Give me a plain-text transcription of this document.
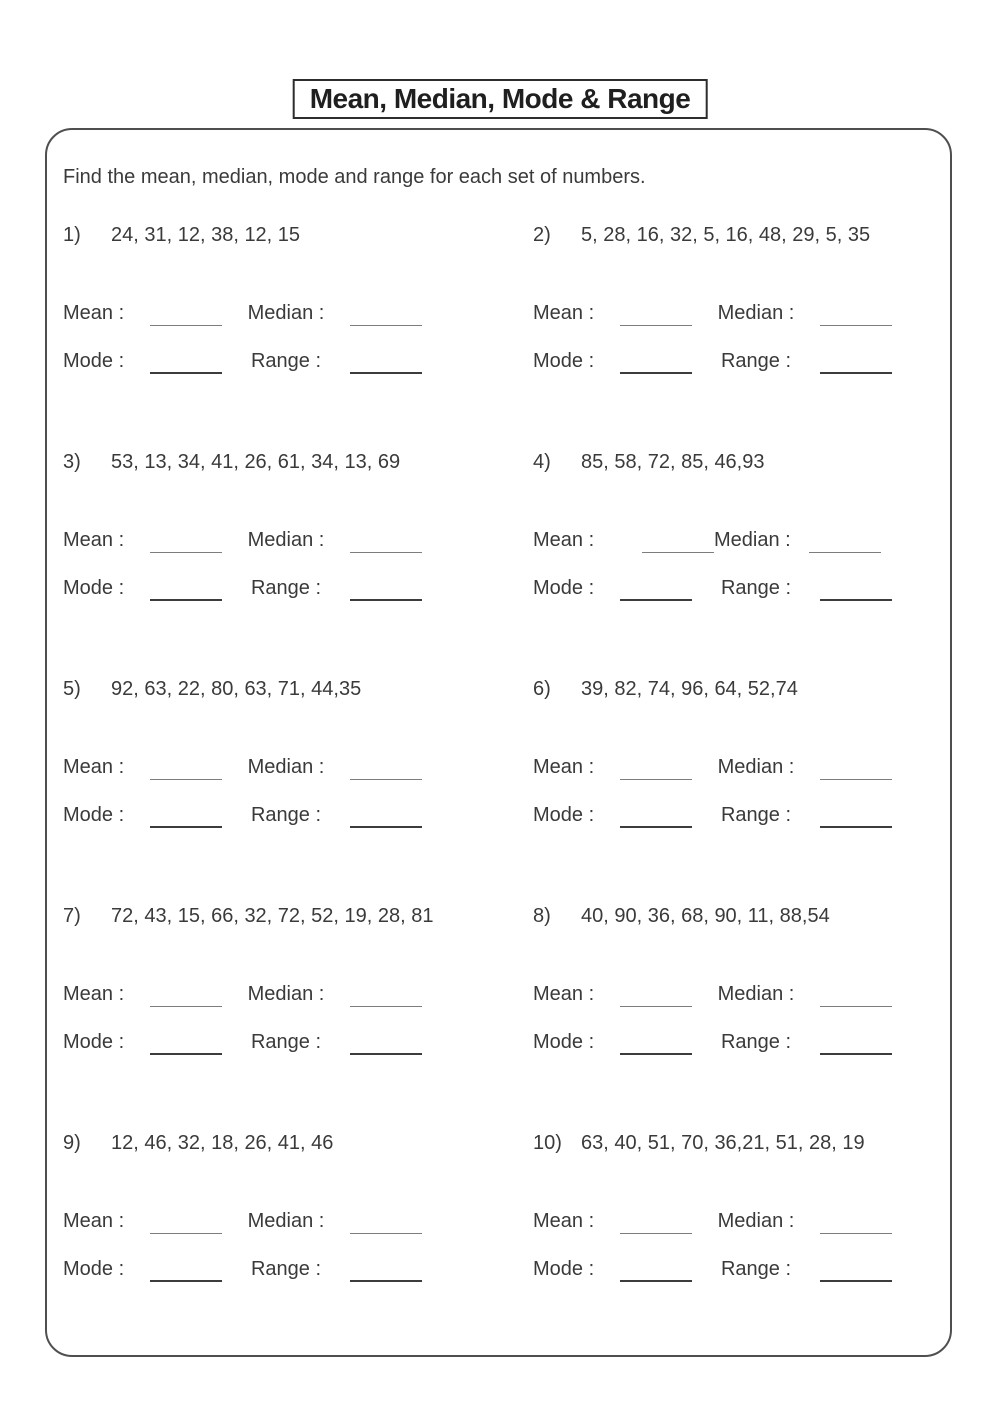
Mean, Median, Mode & Range

Find the mean, median, mode and range for each set of numbers.

1)	24, 31, 12, 38, 12, 15
Mean :	Median :
Mode :	Range :
2)	5, 28, 16, 32, 5, 16, 48, 29, 5, 35
Mean :	Median :
Mode :	Range :
3)	53, 13, 34, 41, 26, 61, 34, 13, 69
Mean :	Median :
Mode :	Range :
4)	85, 58, 72, 85, 46,93
Mean :	Median :
Mode :	Range :
5)	92, 63, 22, 80, 63, 71, 44,35
Mean :	Median :
Mode :	Range :
6)	39, 82, 74, 96, 64, 52,74
Mean :	Median :
Mode :	Range :
7)	72, 43, 15, 66, 32, 72, 52, 19, 28, 81
Mean :	Median :
Mode :	Range :
8)	40, 90, 36, 68, 90, 11, 88,54
Mean :	Median :
Mode :	Range :
9)	12, 46, 32, 18, 26, 41, 46
Mean :	Median :
Mode :	Range :
10) 63, 40, 51, 70, 36,21, 51, 28, 19
Mean :	Median :
Mode :	Range :
